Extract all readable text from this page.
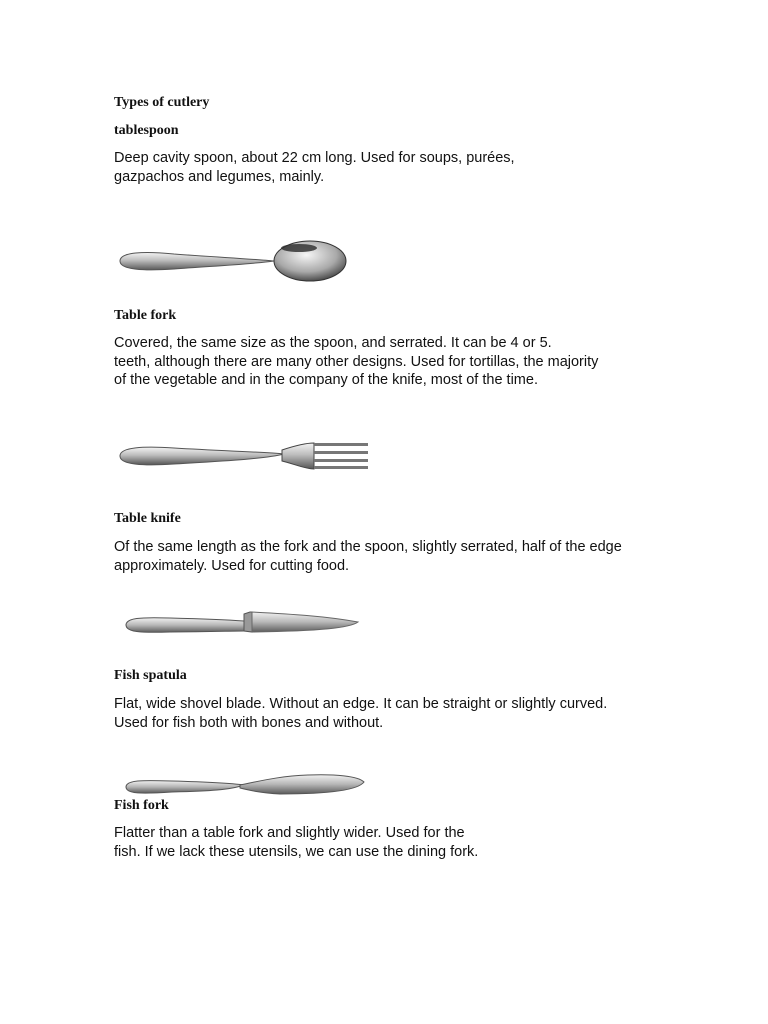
Types of cutlery
tablespoon

Deep cavity spoon, about 22 cm long. Used for soups, purées,
gazpachos and legumes, mainly.

Table fork

Covered, the same size as the spoon, and serrated. It can be 4 or 5.
teeth, although there are many other designs. Used for tortillas, the majority
of the vegetable and in the company of the knife, most of the time.

Table knife

Of the same length as the fork and the spoon, slightly serrated, half of the edge
approximately. Used for cutting food.

Fish spatula

Flat, wide shovel blade. Without an edge. It can be straight or slightly curved.
Used for fish both with bones and without.

Fish fork

Flatter than a table fork and slightly wider. Used for the
fish. If we lack these utensils, we can use the dining fork.
